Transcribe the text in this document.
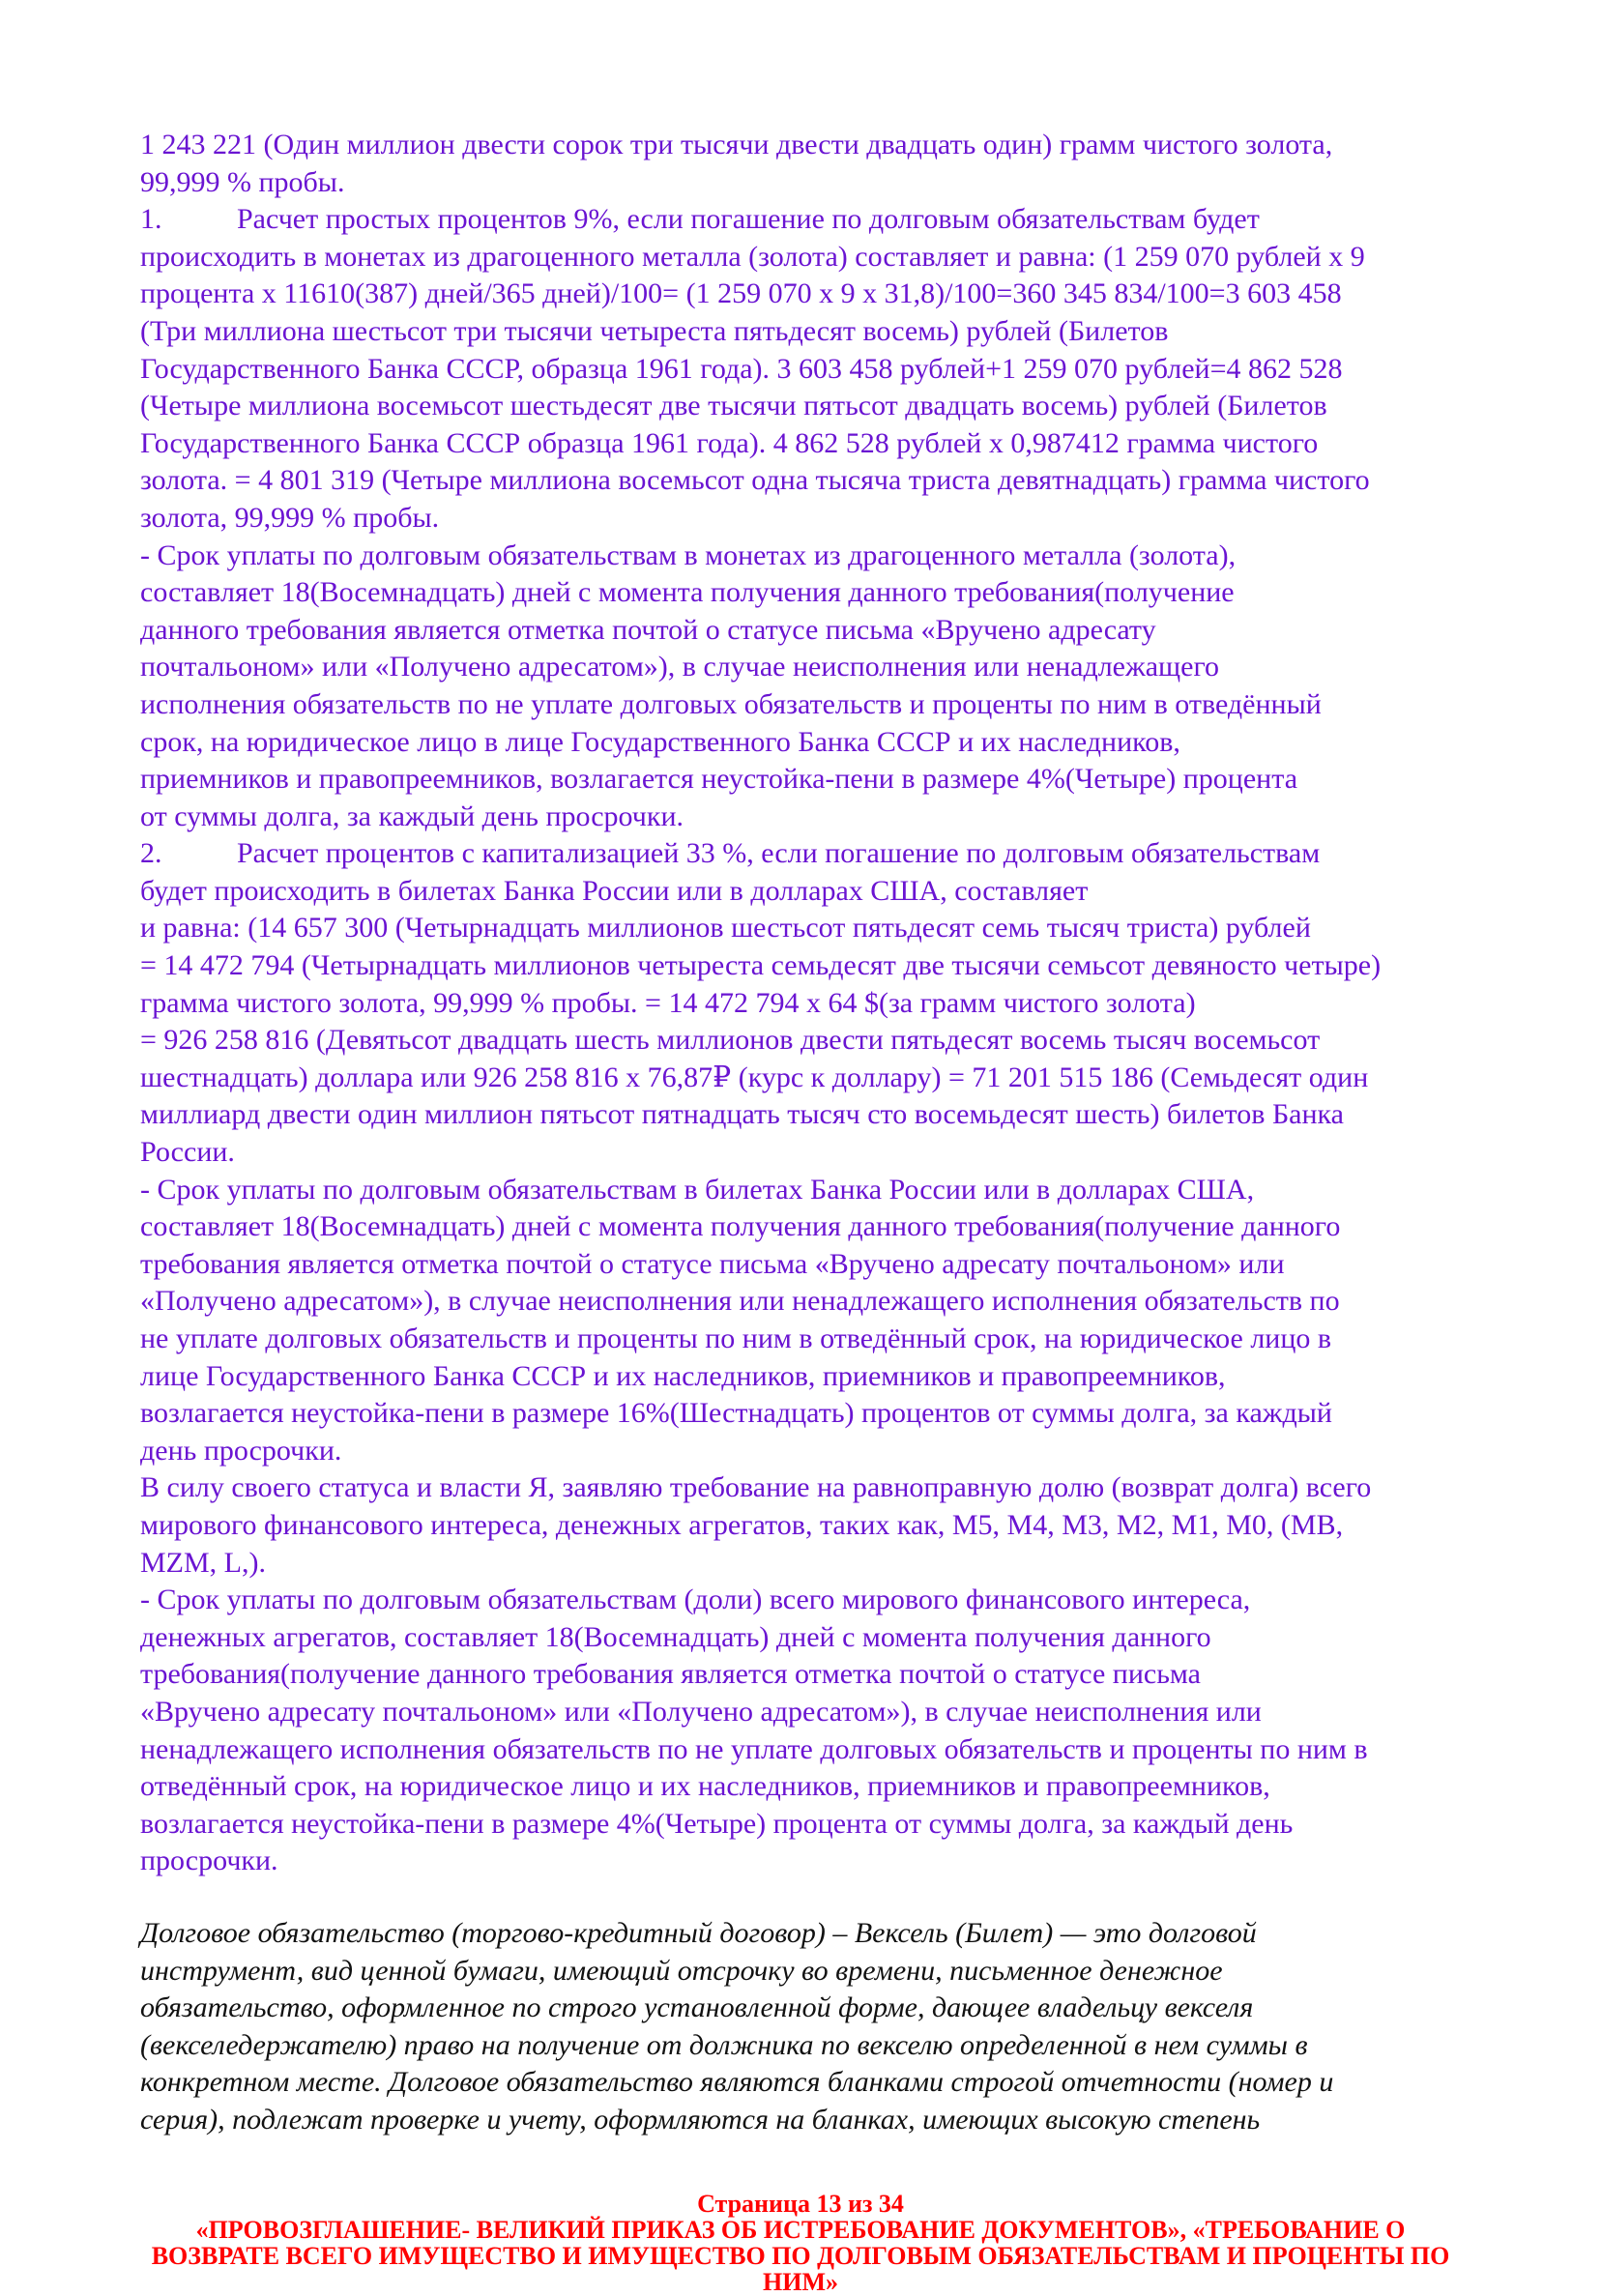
1 243 221 (Один миллион двести сорок три тысячи двести двадцать один) грамм чистого золота,
99,999 % пробы.
1.	Расчет простых процентов 9%, если погашение по долговым обязательствам будет
происходить в монетах из драгоценного металла (золота) составляет и равна: (1 259 070 рублей x 9
процента x 11610(387) дней/365 дней)/100= (1 259 070 x 9 x 31,8)/100=360 345 834/100=3 603 458
(Три миллиона шестьсот три тысячи четыреста пятьдесят восемь) рублей (Билетов
Государственного Банка СССР, образца 1961 года). 3 603 458 рублей+1 259 070 рублей=4 862 528
(Четыре миллиона восемьсот шестьдесят две тысячи пятьсот двадцать восемь) рублей (Билетов
Государственного Банка СССР образца 1961 года). 4 862 528 рублей x 0,987412 грамма чистого
золота. = 4 801 319 (Четыре миллиона восемьсот одна тысяча триста девятнадцать) грамма чистого
золота, 99,999 % пробы.
- Срок уплаты по долговым обязательствам в монетах из драгоценного металла (золота),
составляет 18(Восемнадцать) дней с момента получения данного требования(получение
данного требования является отметка почтой о статусе письма «Вручено адресату
почтальоном» или «Получено адресатом»), в случае неисполнения или ненадлежащего
исполнения обязательств по не уплате долговых обязательств и проценты по ним в отведённый
срок, на юридическое лицо в лице Государственного Банка СССР и их наследников,
приемников и правопреемников, возлагается неустойка-пени в размере 4%(Четыре) процента
от суммы долга, за каждый день просрочки.
2.	Расчет процентов с капитализацией 33 %, если погашение по долговым обязательствам
будет происходить в билетах Банка России или в долларах США, составляет
и равна: (14 657 300 (Четырнадцать миллионов шестьсот пятьдесят семь тысяч триста) рублей
= 14 472 794 (Четырнадцать миллионов четыреста семьдесят две тысячи семьсот девяносто четыре)
грамма чистого золота, 99,999 % пробы. = 14 472 794 x 64 $(за грамм чистого золота)
= 926 258 816 (Девятьсот двадцать шесть миллионов двести пятьдесят восемь тысяч восемьсот
шестнадцать) доллара или 926 258 816 x 76,87₽ (курс к доллару) = 71 201 515 186 (Семьдесят один
миллиард двести один миллион пятьсот пятнадцать тысяч сто восемьдесят шесть) билетов Банка
России.
- Срок уплаты по долговым обязательствам в билетах Банка России или в долларах США,
составляет 18(Восемнадцать) дней с момента получения данного требования(получение данного
требования является отметка почтой о статусе письма «Вручено адресату почтальоном» или
«Получено адресатом»), в случае неисполнения или ненадлежащего исполнения обязательств по
не уплате долговых обязательств и проценты по ним в отведённый срок, на юридическое лицо в
лице Государственного Банка СССР и их наследников, приемников и правопреемников,
возлагается неустойка-пени в размере 16%(Шестнадцать) процентов от суммы долга, за каждый
день просрочки.
В силу своего статуса и власти Я, заявляю требование на равноправную долю (возврат долга) всего
мирового финансового интереса, денежных агрегатов, таких как, M5, M4, M3, M2, M1, M0, (MB,
MZM, L,).
- Срок уплаты по долговым обязательствам (доли) всего мирового финансового интереса,
денежных агрегатов, составляет 18(Восемнадцать) дней с момента получения данного
требования(получение данного требования является отметка почтой о статусе письма
«Вручено адресату почтальоном» или «Получено адресатом»), в случае неисполнения или
ненадлежащего исполнения обязательств по не уплате долговых обязательств и проценты по ним в
отведённый срок, на юридическое лицо и их наследников, приемников и правопреемников,
возлагается неустойка-пени в размере 4%(Четыре) процента от суммы долга, за каждый день
просрочки.
Долговое обязательство (торгово-кредитный договор) – Вексель (Билет) — это долговой
инструмент, вид ценной бумаги, имеющий отсрочку во времени, письменное денежное
обязательство, оформленное по строго установленной форме, дающее владельцу векселя
(векселедержателю) право на получение от должника по векселю определенной в нем суммы в
конкретном месте. Долговое обязательство являются бланками строгой отчетности (номер и
серия), подлежат проверке и учету, оформляются на бланках, имеющих высокую степень
Страница 13 из 34
«ПРОВОЗГЛАШЕНИЕ- ВЕЛИКИЙ ПРИКАЗ ОБ ИСТРЕБОВАНИЕ ДОКУМЕНТОВ», «ТРЕБОВАНИЕ О
ВОЗВРАТЕ ВСЕГО ИМУЩЕСТВО И ИМУЩЕСТВО ПО ДОЛГОВЫМ ОБЯЗАТЕЛЬСТВАМ И ПРОЦЕНТЫ ПО
НИМ»
